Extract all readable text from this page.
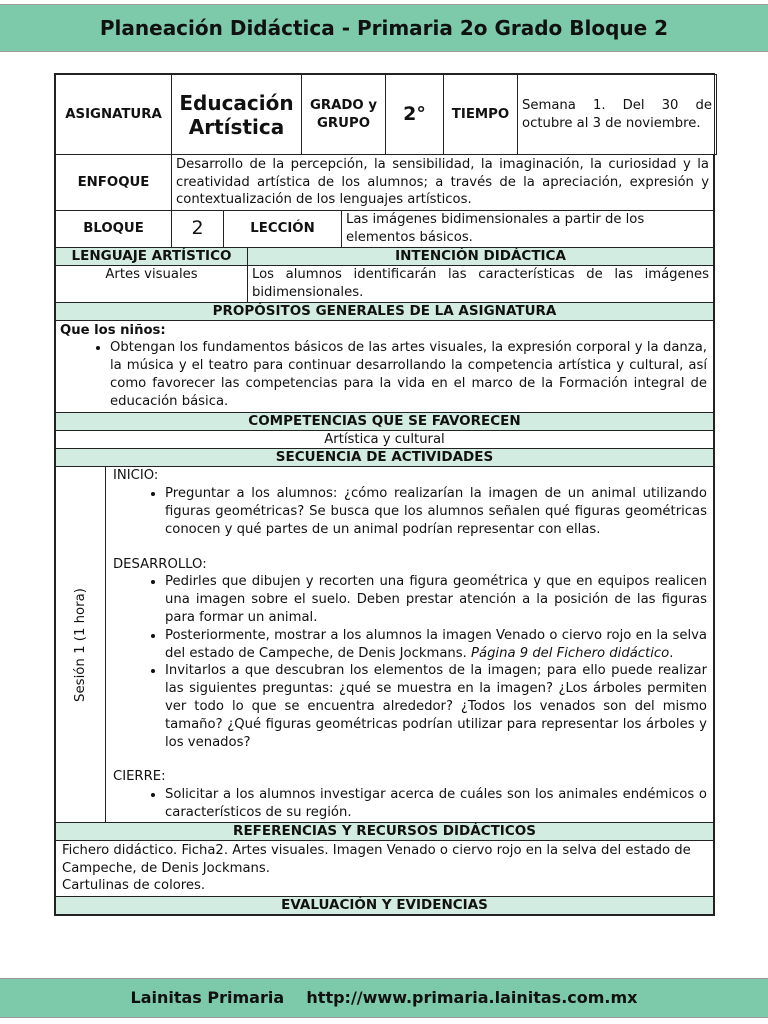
Planeación Didáctica - Primaria 2o Grado Bloque 2
ASIGNATURA	Educación Artística	GRADO y GRUPO	2°	TIEMPO	Semana 1. Del 30 de octubre al 3 de noviembre.
ENFOQUE	Desarrollo de la percepción, la sensibilidad, la imaginación, la curiosidad y la creatividad artística de los alumnos; a través de la apreciación, expresión y contextualización de los lenguajes artísticos.
BLOQUE	2	LECCIÓN	Las imágenes bidimensionales a partir de los elementos básicos.
LENGUAJE ARTÍSTICO	INTENCIÓN DIDÁCTICA
Artes visuales	Los alumnos identificarán las características de las imágenes bidimensionales.
PROPÓSITOS GENERALES DE LA ASIGNATURA

Que los niños:
• Obtengan los fundamentos básicos de las artes visuales, la expresión corporal y la danza, la música y el teatro para continuar desarrollando la competencia artística y cultural, así como favorecer las competencias para la vida en el marco de la Formación integral de educación básica.
COMPETENCIAS QUE SE FAVORECEN
Artística y cultural
SECUENCIA DE ACTIVIDADES
Sesión 1 (1 hora)

INICIO:
• Preguntar a los alumnos: ¿cómo realizarían la imagen de un animal utilizando figuras geométricas? Se busca que los alumnos señalen qué figuras geométricas conocen y qué partes de un animal podrían representar con ellas.
DESARROLLO:
• Pedirles que dibujen y recorten una figura geométrica y que en equipos realicen una imagen sobre el suelo. Deben prestar atención a la posición de las figuras para formar un animal.
• Posteriormente, mostrar a los alumnos la imagen Venado o ciervo rojo en la selva del estado de Campeche, de Denis Jockmans. Página 9 del Fichero didáctico.
• Invitarlos a que descubran los elementos de la imagen; para ello puede realizar las siguientes preguntas: ¿qué se muestra en la imagen? ¿Los árboles permiten ver todo lo que se encuentra alrededor? ¿Todos los venados son del mismo tamaño? ¿Qué figuras geométricas podrían utilizar para representar los árboles y los venados?
CIERRE:
• Solicitar a los alumnos investigar acerca de cuáles son los animales endémicos o característicos de su región.
REFERENCIAS Y RECURSOS DIDÁCTICOS

Fichero didáctico. Ficha2. Artes visuales. Imagen Venado o ciervo rojo en la selva del estado de Campeche, de Denis Jockmans.
Cartulinas de colores.

EVALUACIÓN Y EVIDENCIAS
Lainitas Primaria    http://www.primaria.lainitas.com.mx
